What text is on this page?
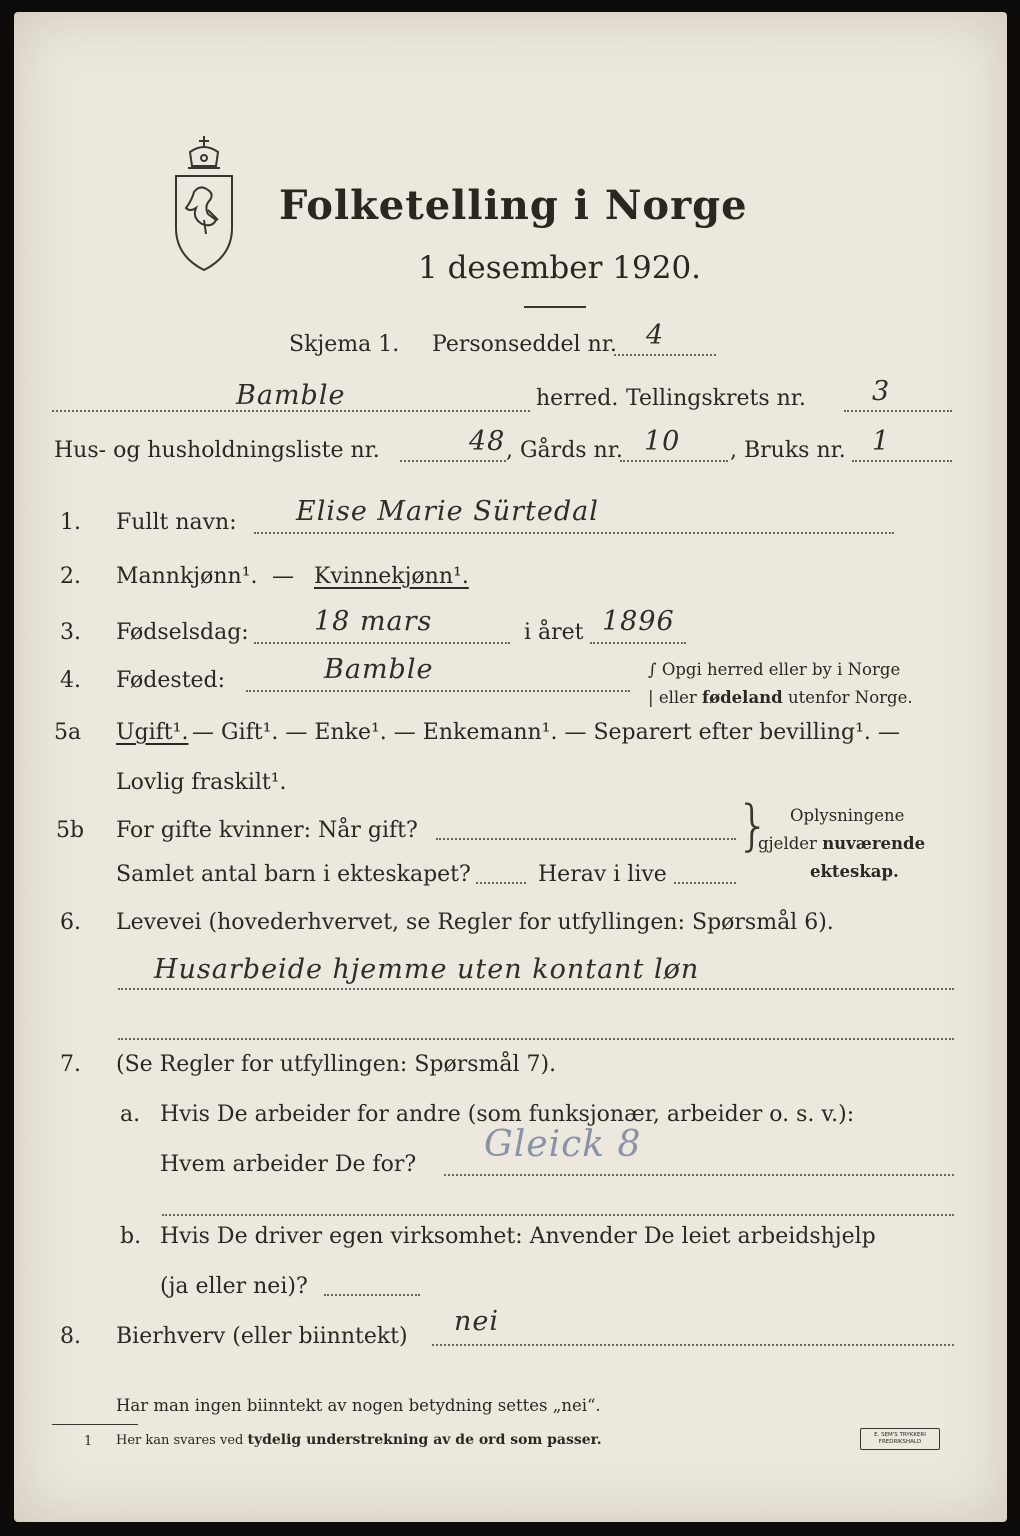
Folketelling i Norge
1 desember 1920.
Skjema 1. Personseddel nr. 4
Bamble	herred. Tellingskrets nr. 3
Hus- og husholdningsliste nr.	48 , Gårds nr. 10 , Bruks nr. 1
1. Fullt navn: Elise Marie Sürtedal
2. Mannkjønn¹. — Kvinnekjønn¹.
3. Fødselsdag: 18 mars	i året 1896
4. Fødested:	Bamble	∫ Opgi herred eller by i Norge
| eller fødeland utenfor Norge.
5a Ugift¹. — Gift¹. — Enke¹. — Enkemann¹. — Separert efter bevilling¹. —
Lovlig fraskilt¹.
5b For gifte kvinner: Når gift?
Samlet antal barn i ekteskapet?	Herav i live
} Oplysningene
gjelder nuværende
ekteskap.
6. Levevei (hovederhvervet, se Regler for utfyllingen: Spørsmål 6).
Husarbeide hjemme uten kontant løn
7. (Se Regler for utfyllingen: Spørsmål 7).
a. Hvis De arbeider for andre (som funksjonær, arbeider o. s. v.):
Hvem arbeider De for? Gleick 8
b. Hvis De driver egen virksomhet: Anvender De leiet arbeidshjelp
(ja eller nei)?
8. Bierhverv (eller biinntekt) nei
Har man ingen biinntekt av nogen betydning settes „nei“.
1 Her kan svares ved tydelig understrekning av de ord som passer.	E. SEM'S TRYKKERI FREDRIKSHALD
